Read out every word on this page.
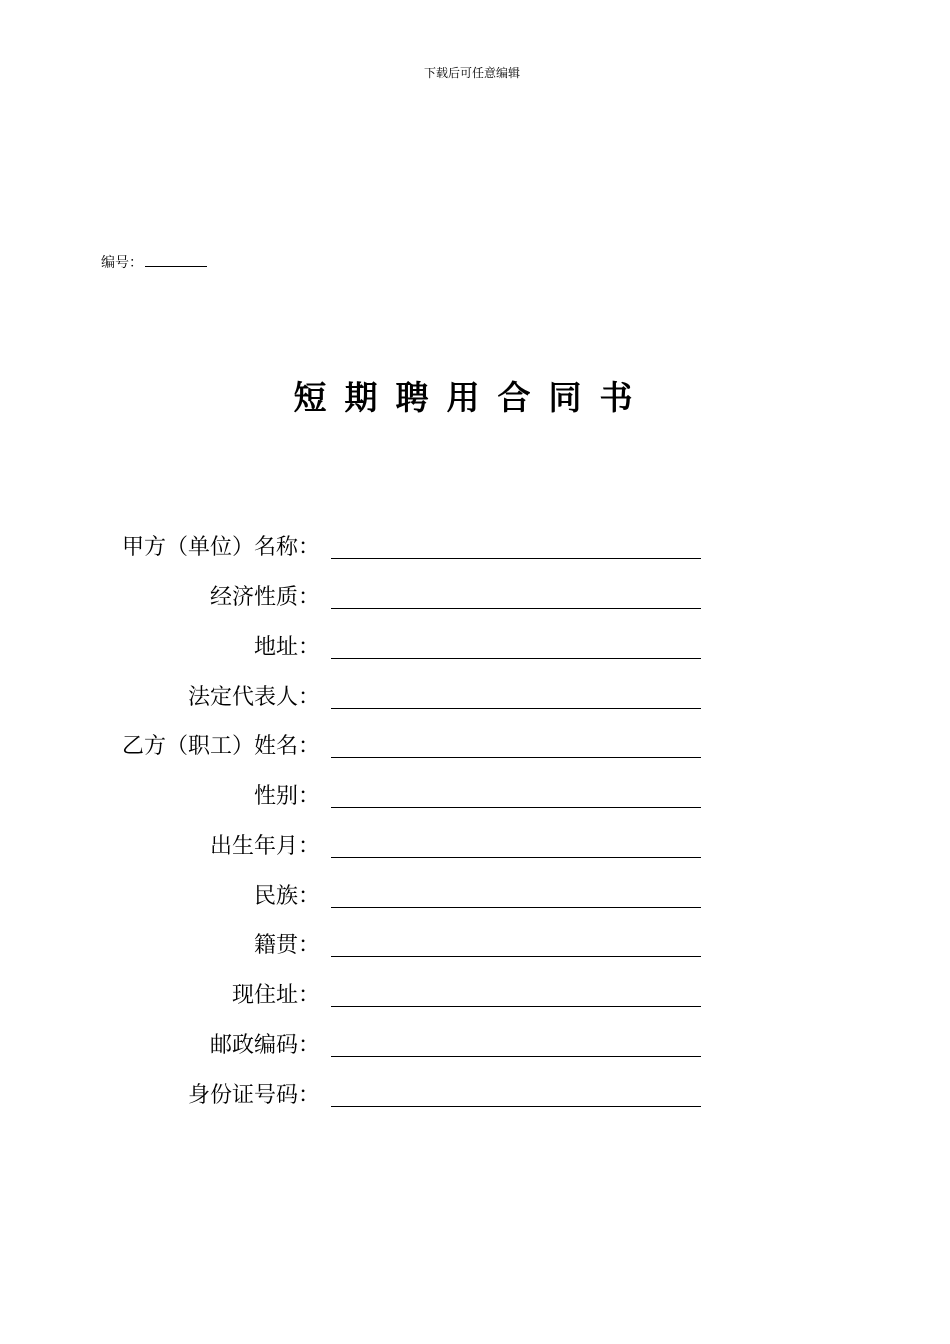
下载后可任意编辑
编号：
短期聘用合同书
甲方（单位）名称：
经济性质：
地址：
法定代表人：
乙方（职工）姓名：
性别：
出生年月：
民族：
籍贯：
现住址：
邮政编码：
身份证号码：
